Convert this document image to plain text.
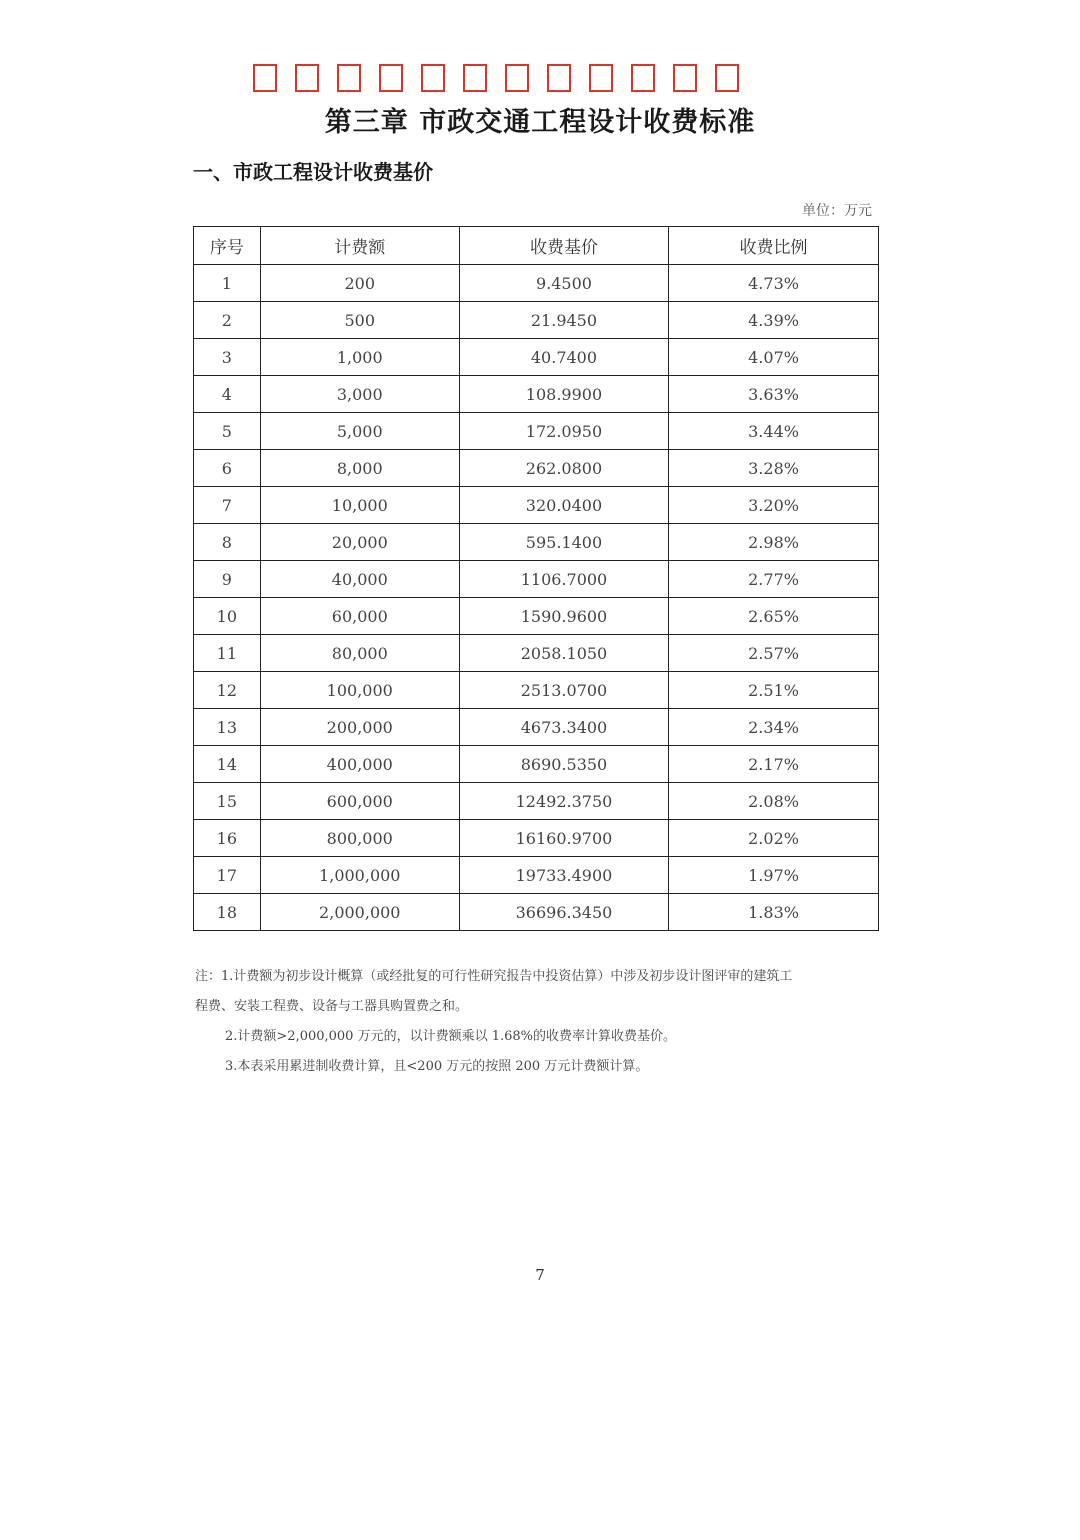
第三章 市政交通工程设计收费标准
一、市政工程设计收费基价
单位：万元
序号	计费额	收费基价	收费比例
1	200	9.4500	4.73%
2	500	21.9450	4.39%
3	1,000	40.7400	4.07%
4	3,000	108.9900	3.63%
5	5,000	172.0950	3.44%
6	8,000	262.0800	3.28%
7	10,000	320.0400	3.20%
8	20,000	595.1400	2.98%
9	40,000	1106.7000	2.77%
10	60,000	1590.9600	2.65%
11	80,000	2058.1050	2.57%
12	100,000	2513.0700	2.51%
13	200,000	4673.3400	2.34%
14	400,000	8690.5350	2.17%
15	600,000	12492.3750	2.08%
16	800,000	16160.9700	2.02%
17	1,000,000	19733.4900	1.97%
18	2,000,000	36696.3450	1.83%

注：1.计费额为初步设计概算（或经批复的可行性研究报告中投资估算）中涉及初步设计图评审的建筑工

程费、安装工程费、设备与工器具购置费之和。

2.计费额>2,000,000 万元的，以计费额乘以 1.68%的收费率计算收费基价。

3.本表采用累进制收费计算，且<200 万元的按照 200 万元计费额计算。

7
